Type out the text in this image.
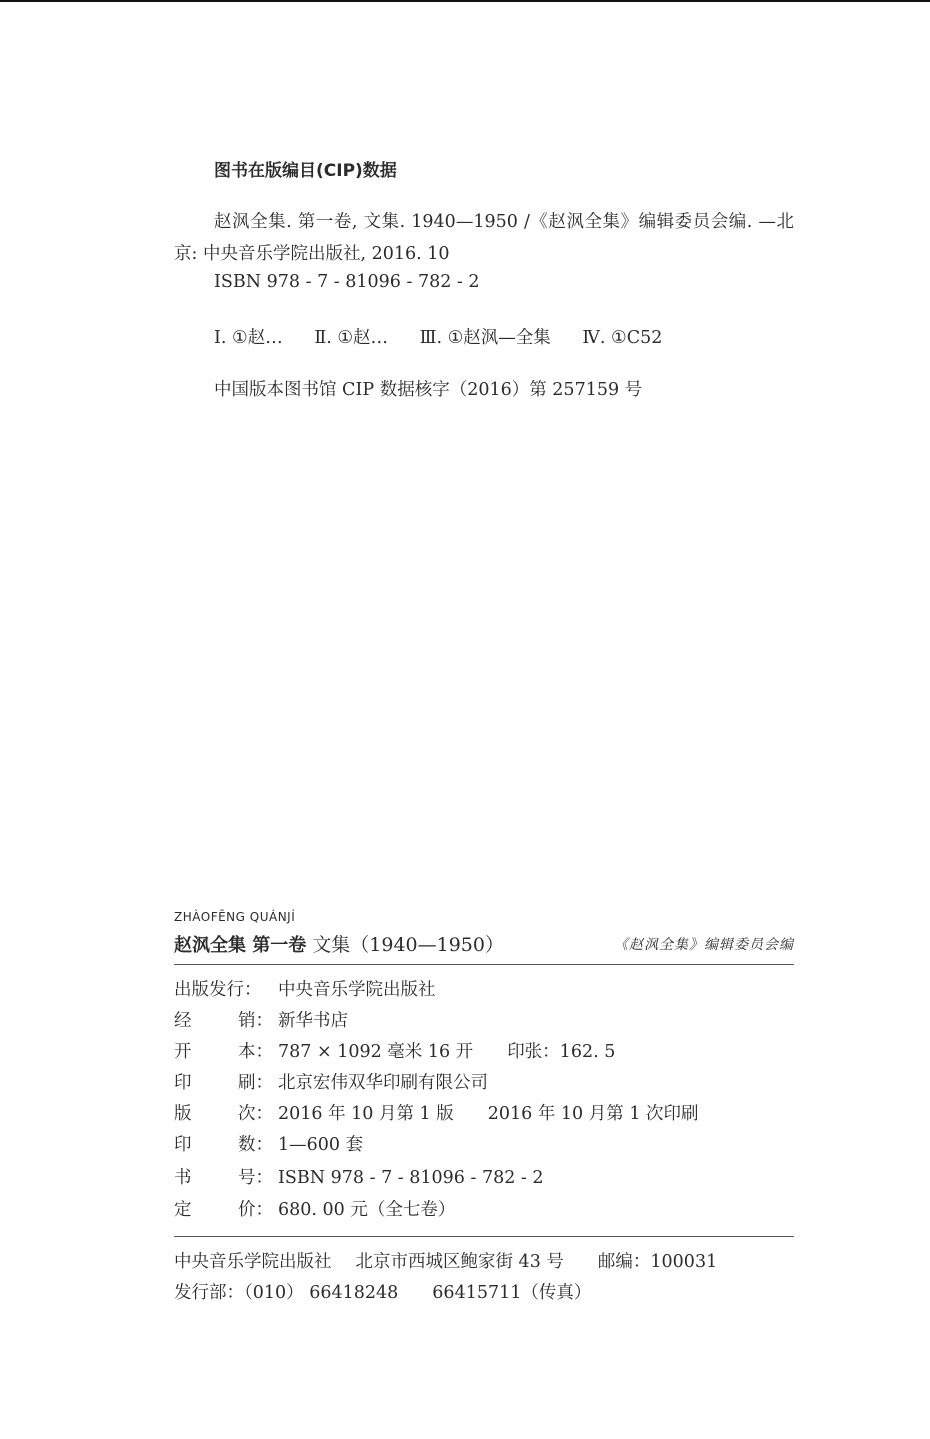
图书在版编目(CIP)数据
赵沨全集. 第一卷, 文集. 1940—1950 /《赵沨全集》编辑委员会编. —北京: 中央音乐学院出版社, 2016. 10
ISBN 978 - 7 - 81096 - 782 - 2
Ⅰ. ①赵… Ⅱ. ①赵… Ⅲ. ①赵沨—全集 Ⅳ. ①C52
中国版本图书馆 CIP 数据核字（2016）第 257159 号
ZHÀOFĒNG QUÁNJÍ
赵沨全集 第一卷 文集（1940—1950）	《赵沨全集》编辑委员会编
出版发行： 中央音乐学院出版社
经	销： 新华书店
开	本： 787 × 1092 毫米 16 开 印张：162. 5
印	刷： 北京宏伟双华印刷有限公司
版	次： 2016 年 10 月第 1 版 2016 年 10 月第 1 次印刷
印	数： 1—600 套
书	号： ISBN 978 - 7 - 81096 - 782 - 2
定	价： 680. 00 元（全七卷）
中央音乐学院出版社 北京市西城区鲍家街 43 号 邮编：100031
发行部：（010） 66418248 66415711（传真）
